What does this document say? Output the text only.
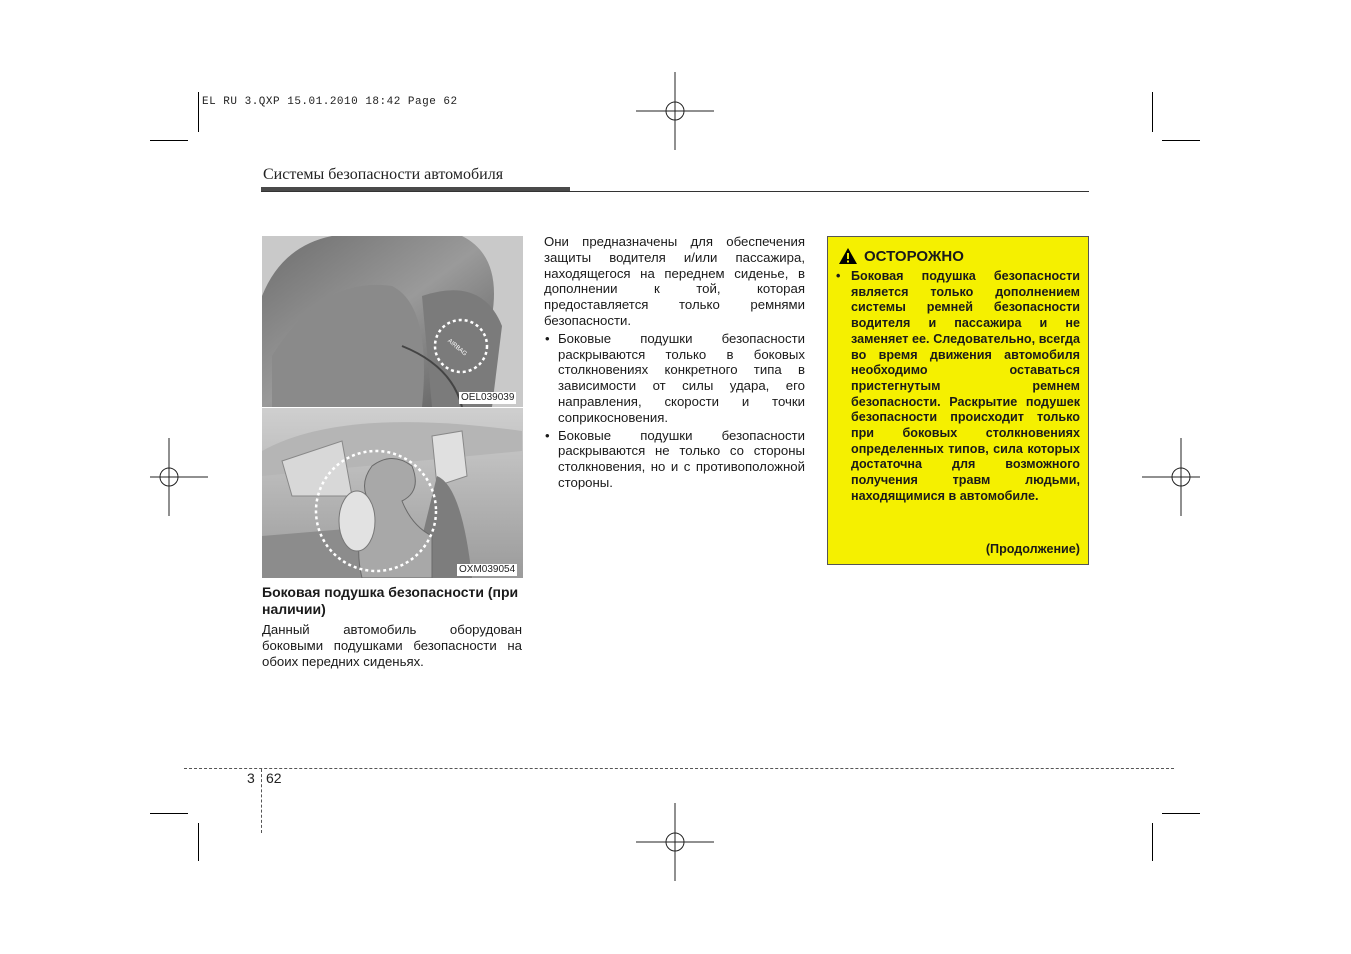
EL RU 3.QXP 15.01.2010 18:42 Page 62
Системы безопасности автомобиля
AIRBAG
OEL039039
OXM039054
Боковая подушка безопасности (при наличии)
Данный автомобиль оборудован боковыми подушками безопасности на обоих передних сиденьях.
Они предназначены для обеспечения защиты водителя и/или пассажира, находящегося на переднем сиденье, в дополнении к той, которая предоставляется только ремнями безопасности.
• Боковые подушки безопасности раскрываются только в боковых столкновениях конкретного типа в зависимости от силы удара, его направления, скорости и точки соприкосновения.
• Боковые подушки безопасности раскрываются не только со стороны столкновения, но и с противоположной стороны.
ОСТОРОЖНО
• Боковая подушка безопасности является только дополнением системы ремней безопасности водителя и пассажира и не заменяет ее. Следовательно, всегда во время движения автомобиля необходимо оставаться пристегнутым ремнем безопасности. Раскрытие подушек безопасности происходит только при боковых столкновениях определенных типов, сила которых достаточна для возможного получения травм людьми, находящимися в автомобиле.
(Продолжение)
3 62
